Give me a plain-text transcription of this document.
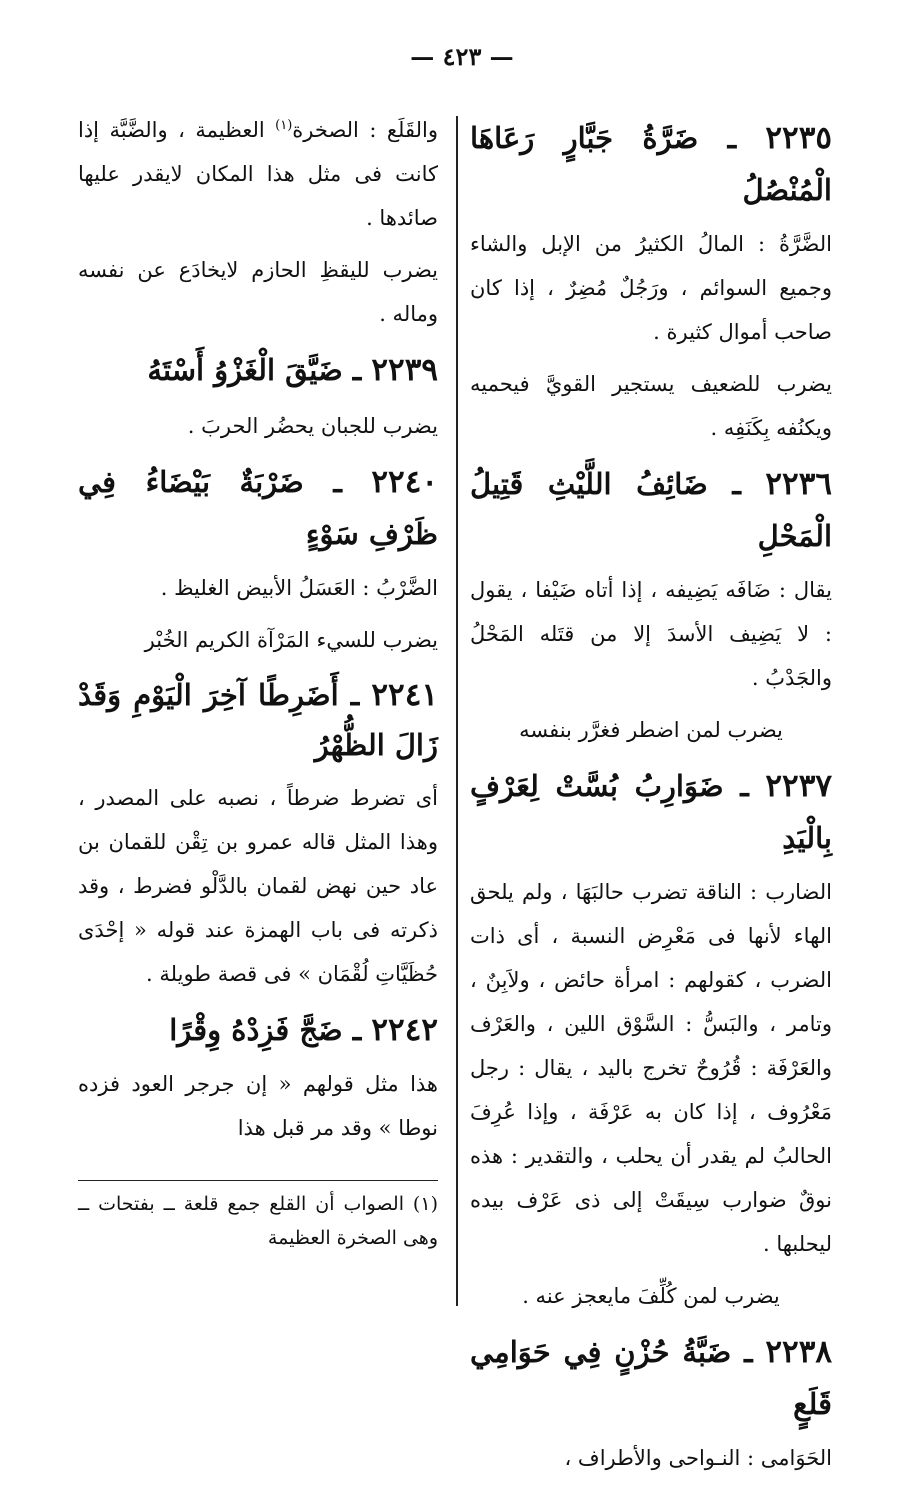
— ٤٢٣ —
٢٢٣٥ ـ ضَرَّةُ جَبَّارٍ رَعَاهَا الْمُنْصُلُ

الضَّرَّةُ : المالُ الكثيرُ من الإبل والشاء وجميع السوائم ، ورَجُلٌ مُضِرٌ ، إذا كان صاحب أموال كثيرة .

يضرب للضعيف يستجير القويَّ فيحميه ويكنُفه بِكَنَفِه .

٢٢٣٦ ـ ضَائِفُ اللَّيْثِ قَتِيلُ الْمَحْلِ

يقال : ضَافَه يَضِيفه ، إذا أتاه ضَيْفا ، يقول : لا يَضِيف الأسدَ إلا من قتَله المَحْلُ والجَدْبُ .

يضرب لمن اضطر فغرَّر بنفسه

٢٢٣٧ ـ ضَوَارِبُ بُسَّتْ لِعَرْفٍ بِالْيَدِ

الضارب : الناقة تضرب حالبَهَا ، ولم يلحق الهاء لأنها فى مَعْرِض النسبة ، أى ذات الضرب ، كقولهم : امرأة حائض ، ولاَبِنٌ ، وتامر ، والبَسُّ : السَّوْق اللين ، والعَرْف والعَرْفَة : قُرُوحٌ تخرج باليد ، يقال : رجل مَعْرُوف ، إذا كان به عَرْفَة ، وإذا عُرِفَ الحالبُ لم يقدر أن يحلب ، والتقدير : هذه نوقٌ ضوارب سِيقَتْ إلى ذى عَرْف بيده ليحلبها .

يضرب لمن كُلِّفَ مايعجز عنه .

٢٢٣٨ ـ ضَبَّةُ حُزْنٍ فِي حَوَامِي قَلَعٍ

الحَوَامى : النـواحى والأطراف ،

والقَلَع : الصخرة$^{(١)}$ العظيمة ، والضَّبَّة إذا كانت فى مثل هذا المكان لايقدر عليها صائدها .

يضرب لليقظِ الحازم لايخادَع عن نفسه وماله .

٢٢٣٩ ـ ضَيَّقَ الْغَزْوُ أَسْتَهُ

يضرب للجبان يحضُر الحربَ .

٢٢٤٠ ـ ضَرْبَةٌ بَيْضَاءُ فِي ظَرْفِ سَوْءٍ

الضَّرْبُ : العَسَلُ الأبيض الغليظ .

يضرب للسيء المَرْآة الكريم الخُبْر

٢٢٤١ ـ أَضَرِطًا آخِرَ الْيَوْمِ وَقَدْ زَالَ الظُّهْرُ

أى تضرط ضرطاً ، نصبه على المصدر ، وهذا المثل قاله عمرو بن تِقْن للقمان بن عاد حين نهض لقمان بالدَّلْو فضرط ، وقد ذكرته فى باب الهمزة عند قوله « إحْدَى حُظَيَّاتِ لُقْمَان » فى قصة طويلة .

٢٢٤٢ ـ ضَجَّ فَزِدْهُ وِقْرًا

هذا مثل قولهم « إن جرجر العود فزده نوطا » وقد مر قبل هذا

(١) الصواب أن القلع جمع قلعة ــ بفتحات ــ وهى الصخرة العظيمة
